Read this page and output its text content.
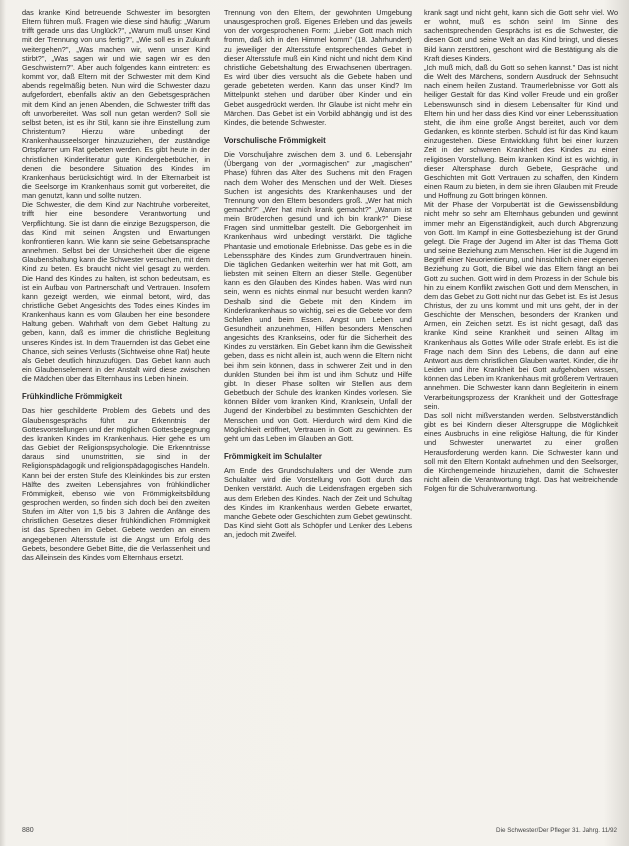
das kranke Kind betreuende Schwester im besorgten Eltern führen muß. Fragen wie diese sind häufig: „Warum trifft gerade uns das Unglück?", „Warum muß unser Kind mit der Trennung von uns fertig?", „Wie soll es in Zukunft weitergehen?", „Was machen wir, wenn unser Kind stirbt?", „Was sagen wir und wie sagen wir es den Geschwistern?". Aber auch folgendes kann eintreten: es kommt vor, daß Eltern mit der Schwester mit dem Kind abends regelmäßig beten. Nun wird die Schwester dazu aufgefordert, ebenfalls aktiv an den Gebetsgesprächen mit dem Kind an jenen Abenden, die Schwester trifft das oft unvorbereitet. Was soll nun getan werden? Soll sie selbst beten, ist es ihr Stil, kann sie ihre Einstellung zum Christentum? Hierzu wäre unbedingt der Krankenhausseelsorger hinzuzuziehen, der zuständige Ortspfarrer um Rat gebeten werden. Es gibt heute in der christlichen Kinderliteratur gute Kindergebetbücher, in denen die besondere Situation des Kindes im Krankenhaus berücksichtigt wird. In der Elternarbeit ist die Seelsorge im Krankenhaus somit gut vorbereitet, die man genutzt, kann und sollte nutzen.

Die Schwester, die dem Kind zur Nachtruhe vorbereitet, trifft hier eine besondere Verantwortung und Verpflichtung. Sie ist dann die einzige Bezugsperson, die das Kind mit seinen Ängsten und Erwartungen konfrontieren kann. Wie kann sie seine Gebetsansprache annehmen. Selbst bei der Unsicherheit über die eigene Glaubenshaltung kann die Schwester versuchen, mit dem Kind zu beten. Es braucht nicht viel gesagt zu werden. Die Hand des Kindes zu halten, ist schon bedeutsam, es ist ein Aufbau von Partnerschaft und Vertrauen. Insofern kann gezeigt werden, wie einmal betont, wird, das christliche Gebet Angesichts des Todes eines Kindes im Krankenhaus kann es vom Glauben her eine besondere Haltung geben. Wahrhaft von dem Gebet Haltung zu geben, kann, daß es immer die christliche Begleitung unseres Kindes ist. In dem Trauernden ist das Gebet eine Chance, sich seines Verlusts (Sichtweise ohne Rat) heute als Gebet deutlich hinzuzufügen. Das Gebet kann auch ein Glaubenselement in der Anstalt wird diese zwischen die Mädchen über das Elternhaus ins Leben hinein.

Frühkindliche Frömmigkeit

Das hier geschilderte Problem des Gebets und des Glaubensgesprächs führt zur Erkenntnis der Gottesvorstellungen und der möglichen Gottesbegegnung des kranken Kindes im Krankenhaus. Hier gehe es um das Gebiet der Religionspsychologie. Die Erkenntnisse daraus sind unumstritten, sie sind in der Religionspädagogik und religionspädagogisches Handeln.

Kann bei der ersten Stufe des Kleinkindes bis zur ersten Hälfte des zweiten Lebensjahres von frühkindlicher Frömmigkeit, ebenso wie von Frömmigkeitsbildung gesprochen werden, so finden sich doch bei den zweiten Stufen im Alter von 1,5 bis 3 Jahren die Anfänge des christlichen Gesetzes dieser frühkindlichen Frömmigkeit ist das Sprechen im Gebet. Gebete werden an einem angegebenen Altersstufe ist die Angst um Erfolg des Gebets, besondere Gebet Bitte, die die Verlassenheit und das Alleinsein des Kindes vom Elternhaus ersetzt.

Trennung von den Eltern, der gewohnten Umgebung unausgesprochen groß. Eigenes Erleben und das jeweils von der vorgesprochenen Form: „Lieber Gott mach mich fromm, daß ich in den Himmel komm" (18. Jahrhundert) zu jeweiliger der Altersstufe entsprechendes Gebet in dieser Altersstufe muß ein Kind nicht und nicht dem Kind christliche Gebetshaltung des Erwachsenen übertragen. Es wird über dies versucht als die Gebete haben und gerade gebeteten werden. Kann das unser Kind? Im Mittelpunkt stehen und darüber über Kinder und ein Gebet ausgedrückt werden. Ihr Glaube ist nicht mehr ein Märchen. Das Gebet ist ein Vorbild abhängig und ist des Kindes, die betende Schwester.

Vorschulische Frömmigkeit

Die Vorschuljahre zwischen dem 3. und 6. Lebensjahr (Übergang von der „vormagischen" zur „magischen" Phase) führen das Alter des Suchens mit den Fragen nach dem Woher des Menschen und der Welt. Dieses Suchen ist angesichts des Krankenhauses und der Trennung von den Eltern besonders groß. „Wer hat mich gemacht?" „Wer hat mich krank gemacht?" „Warum ist mein Brüderchen gesund und ich bin krank?" Diese Fragen sind unmittelbar gestellt. Die Geborgenheit im Krankenhaus wird unbedingt verstärkt. Die tägliche Phantasie und emotionale Erlebnisse. Das gebe es in die Lebenssphäre des Kindes zum Grundvertrauen hinein. Die täglichen Gedanken weiterhin wer hat mit Gott, am liebsten mit seinen Eltern an dieser Stelle. Gegenüber kann es den Glauben des Kindes haben. Was wird nun sein, wenn es nichts einmal nur besucht werden kann? Deshalb sind die Gebete mit den Kindern im Kinderkrankenhaus so wichtig, sei es die Gebete vor dem Schlafen und beim Essen. Angst um Leben und Gesundheit anzunehmen, Hilfen besonders Menschen angesichts des Krankseins, oder für die Sicherheit des Kindes zu verstärken. Ein Gebet kann ihm die Gewissheit geben, dass es nicht allein ist, auch wenn die Eltern nicht bei ihm sein können, dass in schwerer Zeit und in den dunklen Stunden bei ihm ist und ihm Schutz und Hilfe gibt. In dieser Phase sollten wir Stellen aus dem Gebetbuch der Schule des kranken Kindes vorlesen. Sie können Bilder vom kranken Kind, Kranksein, Unfall der Jugend der Kinderbibel zu bestimmten Geschichten der Menschen und von Gott. Hierdurch wird dem Kind die Möglichkeit eröffnet, Vertrauen in Gott zu gewinnen. Es geht um das Leben im Glauben an Gott.

Frömmigkeit im Schulalter

Am Ende des Grundschulalters und der Wende zum Schulalter wird die Vorstellung von Gott durch das Denken verstärkt. Auch die Leidensfragen ergeben sich aus dem Erleben des Kindes. Nach der Zeit und Schultag des Kindes im Krankenhaus werden Gebete erwartet, manche Gebete oder Geschichten zum Gebet gewünscht. Das Kind sieht Gott als Schöpfer und Lenker des Lebens an, jedoch mit Zweifel.

krank sagt und nicht geht, kann sich die Gott sehr viel. Wo er wohnt, muß es schön sein! Im Sinne des sachentsprechenden Gesprächs ist es die Schwester, die diesen Gott und seine Welt an das Kind bringt, und dieses Bild kann zerstören, geschont wird die Bestätigung als die Kraft dieses Kinders.

„Ich muß mich, daß du Gott so sehen kannst." Das ist nicht die Welt des Märchens, sondern Ausdruck der Sehnsucht nach einem heilen Zustand. Traumerlebnisse vor Gott als heiliger Gestalt für das Kind voller Freude und ein großer Lebenswunsch sind in diesem Lebensalter für Kind und Eltern hin und her dass dies Kind vor einer Lebenssituation steht, die ihm eine große Angst bereitet, auch vor dem Gedanken, es könnte sterben. Schuld ist für das Kind kaum einzugestehen. Diese Entwicklung führt bei einer kurzen Zeit in der schweren Krankheit des Kindes zu einer religiösen Vorstellung. Beim kranken Kind ist es wichtig, in dieser Altersphase durch Gebete, Gespräche und Geschichten mit Gott Vertrauen zu schaffen, den Kindern einen Raum zu bieten, in dem sie ihren Glauben mit Freude und Hoffnung zu Gott bringen können.

Mit der Phase der Vorpubertät ist die Gewissensbildung nicht mehr so sehr am Elternhaus gebunden und gewinnt immer mehr an Eigenständigkeit, auch durch Abgrenzung von Gott. Im Kampf in eine Gottesbeziehung ist der Grund gelegt. Die Frage der Jugend im Alter ist das Thema Gott und seine Beziehung zum Menschen. Hier ist die Jugend im Begriff einer Neuorientierung, und hinsichtlich einer eigenen Beziehung zu Gott, die Bibel wie das Eltern fängt an bei Gott zu suchen. Gott wird in dem Prozess in der Schule bis hin zu einem Konflikt zwischen Gott und dem Menschen, in dem das Gebet zu Gott nicht nur das Gebet ist. Es ist Jesus Christus, der zu uns kommt und mit uns geht, der in der Geschichte der Menschen, besonders der Kranken und Armen, ein Zeichen setzt. Es ist nicht gesagt, daß das kranke Kind seine Krankheit und seinen Alltag im Krankenhaus als Gottes Wille oder Strafe erlebt. Es ist die Frage nach dem Sinn des Lebens, die dann auf eine Antwort aus dem christlichen Glauben wartet. Kinder, die ihr Leiden und ihre Krankheit bei Gott aufgehoben wissen, können das Leben im Krankenhaus mit größerem Vertrauen annehmen. Die Schwester kann dann Begleiterin in einem Verarbeitungsprozess der Krankheit und der Gottesfrage sein.

Das soll nicht mißverstanden werden. Selbstverständlich gibt es bei Kindern dieser Altersgruppe die Möglichkeit eines Ausbruchs in eine religiöse Haltung, die für Kinder und Schwester unerwartet zu einer großen Herausforderung werden kann. Die Schwester kann und soll mit den Eltern Kontakt aufnehmen und den Seelsorger, die Kirchengemeinde hinzuziehen, damit die Schwester nicht allein die Verantwortung trägt. Das hat weitreichende Folgen für die Schulverantwortung.

880	Die Schwester/Der Pfleger 31. Jahrg. 11/92
